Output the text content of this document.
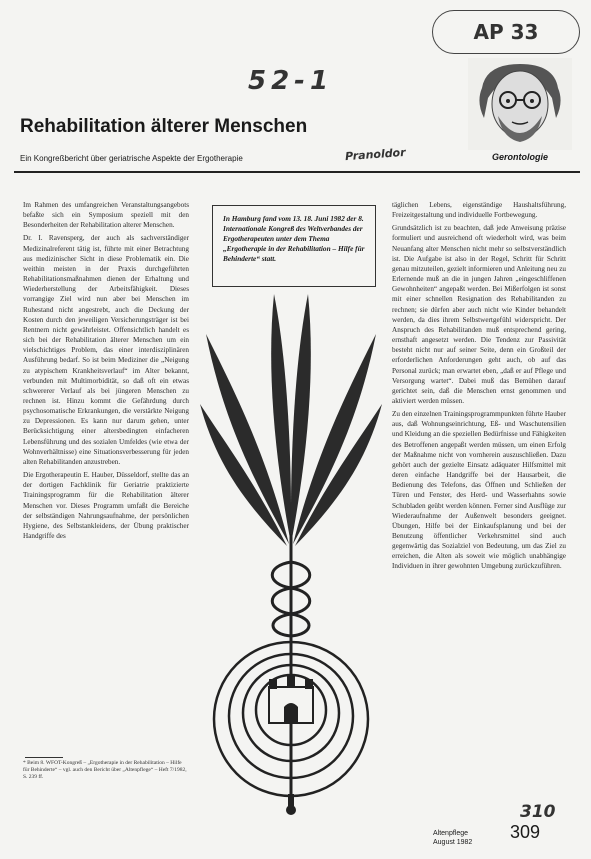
AP 33
52-1
Rehabilitation älterer Menschen
Ein Kongreßbericht über geriatrische Aspekte der Ergotherapie	Pranoldor	Gerontologie

Im Rahmen des umfangreichen Veranstaltungsangebots befaßte sich ein Symposium speziell mit den Besonderheiten der Rehabilitation alterer Menschen.

Dr. I. Ravensperg, der auch als sachverständiger Medizinalreferent tätig ist, führte mit einer Betrachtung aus medizinischer Sicht in diese Problematik ein. Die weithin meisten in der Praxis durchgeführten Rehabilitationsmaßnahmen dienen der Erhaltung und Wiederherstellung der Arbeitsfähigkeit. Dieses vorrangige Ziel wird nun aber bei Menschen im Ruhestand nicht angestrebt, auch die Deckung der Kosten durch den jeweiligen Versicherungsträger ist bei Rentnern nicht gewährleistet. Offensichtlich handelt es sich bei der Rehabilitation älterer Menschen um ein vielschichtiges Problem, das einer interdisziplinären Ausführung bedarf. So ist beim Mediziner die „Neigung zu atypischem Krankheitsverlauf“ im Alter bekannt, verbunden mit Multimorbidität, so daß oft ein etwas schwererer Verlauf als bei jüngeren Menschen zu rechnen ist. Hinzu kommt die Gefährdung durch psychosomatische Erkrankungen, die verstärkte Neigung zu Depressionen. Es kann nur darum gehen, unter Berücksichtigung einer altersbedingten einfacheren Lebensführung und des sozialen Umfeldes (wie etwa der Wohnverhältnisse) eine Situationsverbesserung für jeden alten Rehabilitanden anzustreben.

Die Ergotherapeutin E. Hauber, Düsseldorf, stellte das an der dortigen Fachklinik für Geriatrie praktizierte Trainingsprogramm für die Rehabilitation älterer Menschen vor. Dieses Programm umfaßt die Bereiche der selbständigen Nahrungsaufnahme, der persönlichen Hygiene, des Selbstankleidens, der Übung praktischer Handgriffe des

* Beim 8. WFOT-Kongreß – „Ergotherapie in der Rehabilitation – Hilfe für Behinderte“ – vgl. auch den Bericht über „Altenpflege“ – Heft 7/1982, S. 239 ff.

In Hamburg fand vom 13. 18. Juni 1982 der 8. Internationale Kongreß des Weltverbandes der Ergotherapeuten unter dem Thema „Ergotherapie in der Rehabilitation – Hilfe für Behinderte“ statt.

täglichen Lebens, eigenständige Haushaltsführung, Freizeitgestaltung und individuelle Fortbewegung.

Grundsätzlich ist zu beachten, daß jede Anweisung präzise formuliert und ausreichend oft wiederholt wird, was beim Neuanfang alter Menschen nicht mehr so selbstverständlich ist. Die Aufgabe ist also in der Regel, Schritt für Schritt genau mitzuteilen, gezielt informieren und Anleitung neu zu Erlernende muß an die in jungen Jahren „eingeschliffenen Gewohnheiten“ angepaßt werden. Bei Mißerfolgen ist sonst mit einer schnellen Resignation des Rehabilitanden zu rechnen; sie dürfen aber auch nicht wie Kinder behandelt werden, da dies ihrem Selbstwertgefühl widerspricht. Der Anspruch des Rehabilitanden muß entsprechend gering, ernsthaft angesetzt werden. Die Tendenz zur Passivität besteht nicht nur auf seiner Seite, denn ein Großteil der erforderlichen Anforderungen geht auch, ob auf das Personal zurück; man erwartet eben, „daß er auf Pflege und Versorgung wartet“. Dabei muß das Bemühen darauf gerichtet sein, daß die Menschen ernst genommen und aktiviert werden müssen.

Zu den einzelnen Trainingsprogrammpunkten führte Hauber aus, daß Wohnungseinrichtung, Eß- und Waschutensilien und Kleidung an die speziellen Bedürfnisse und Fähigkeiten des Betroffenen angepaßt werden müssen, um einen Erfolg der Maßnahme nicht von vornherein auszuschließen. Dazu gehört auch der gezielte Einsatz adäquater Hilfsmittel mit deren einfache Handgriffe bei der Hausarbeit, die Bedienung des Telefons, das Öffnen und Schließen der Türen und Fenster, des Herd- und Wasserhahns sowie Schubladen geübt werden können. Ferner sind Ausflüge zur Wiederaufnahme der Außenwelt besonders geeignet. Übungen, Hilfe bei der Einkaufsplanung und bei der Benutzung öffentlicher Verkehrsmittel sind auch gegenwärtig das Sozialziel von Bedeutung, um das Ziel zu erreichen, die Alten als soweit wie möglich unabhängige Individuen in ihrer gewohnten Umgebung zurückzuführen.

310
Altenpflege
August 1982
309
